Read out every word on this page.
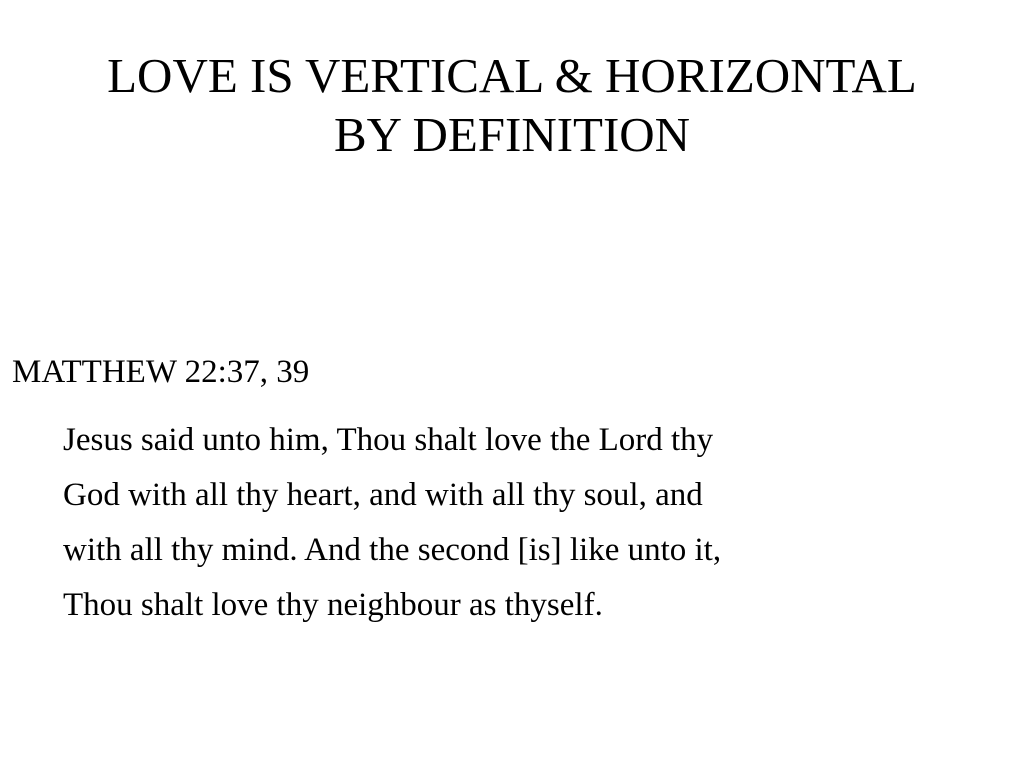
LOVE IS VERTICAL & HORIZONTAL
BY DEFINITION

MATTHEW 22:37, 39

Jesus said unto him, Thou shalt love the Lord thy
God with all thy heart, and with all thy soul, and
with all thy mind. And the second [is] like unto it,
Thou shalt love thy neighbour as thyself.
